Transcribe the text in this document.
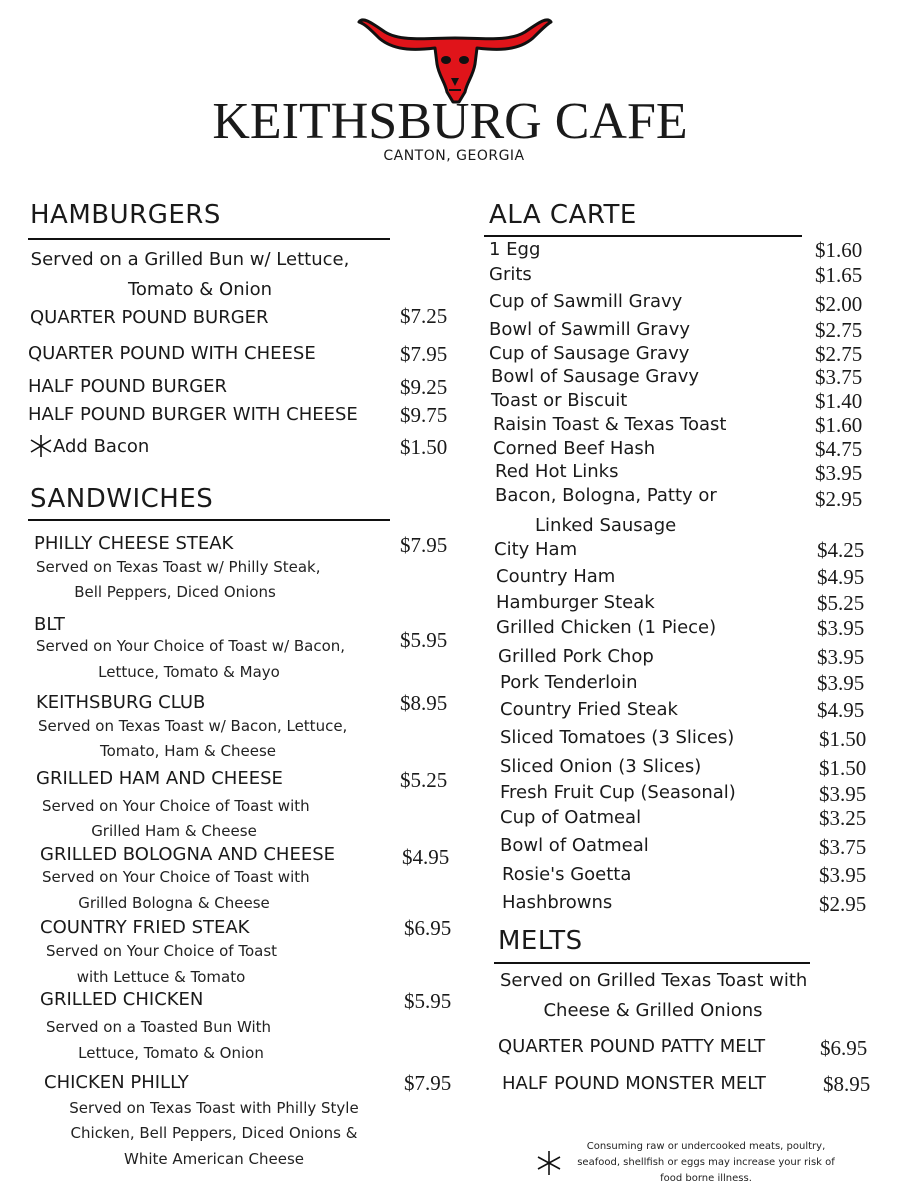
KEITHSBURG CAFE
CANTON, GEORGIA
HAMBURGERS
Served on a Grilled Bun w/ Lettuce,
Tomato & Onion
QUARTER POUND BURGER	$7.25
QUARTER POUND WITH CHEESE	$7.95
HALF POUND BURGER	$9.25
HALF POUND BURGER WITH CHEESE $9.75
Add Bacon	$1.50
SANDWICHES
PHILLY CHEESE STEAK	$7.95
Served on Texas Toast w/ Philly Steak,
Bell Peppers, Diced Onions
BLT
$5.95
Served on Your Choice of Toast w/ Bacon,
Lettuce, Tomato & Mayo
KEITHSBURG CLUB	$8.95
Served on Texas Toast w/ Bacon, Lettuce,
Tomato, Ham & Cheese
GRILLED HAM AND CHEESE	$5.25
Served on Your Choice of Toast with
Grilled Ham & Cheese
GRILLED BOLOGNA AND CHEESE	$4.95
Served on Your Choice of Toast with
Grilled Bologna & Cheese
COUNTRY FRIED STEAK	$6.95
Served on Your Choice of Toast
with Lettuce & Tomato
GRILLED CHICKEN	$5.95
Served on a Toasted Bun With
Lettuce, Tomato & Onion
CHICKEN PHILLY	$7.95
Served on Texas Toast with Philly Style
Chicken, Bell Peppers, Diced Onions &
White American Cheese
ALA CARTE
1 Egg	$1.60
Grits	$1.65
Cup of Sawmill Gravy	$2.00
Bowl of Sawmill Gravy	$2.75
Cup of Sausage Gravy	$2.75
Bowl of Sausage Gravy	$3.75
Toast or Biscuit	$1.40
Raisin Toast & Texas Toast	$1.60
Corned Beef Hash	$4.75
Red Hot Links	$3.95
Bacon, Bologna, Patty or	$2.95
Linked Sausage
City Ham	$4.25
Country Ham	$4.95
Hamburger Steak	$5.25
Grilled Chicken (1 Piece)	$3.95
Grilled Pork Chop	$3.95
Pork Tenderloin	$3.95
Country Fried Steak	$4.95
Sliced Tomatoes (3 Slices)	$1.50
Sliced Onion (3 Slices)	$1.50
Fresh Fruit Cup (Seasonal)	$3.95
Cup of Oatmeal	$3.25
Bowl of Oatmeal	$3.75
Rosie's Goetta	$3.95
Hashbrowns	$2.95
MELTS
Served on Grilled Texas Toast with
Cheese & Grilled Onions
QUARTER POUND PATTY MELT	$6.95
HALF POUND MONSTER MELT	$8.95
Consuming raw or undercooked meats, poultry, seafood, shellfish or eggs may increase your risk of food borne illness.
